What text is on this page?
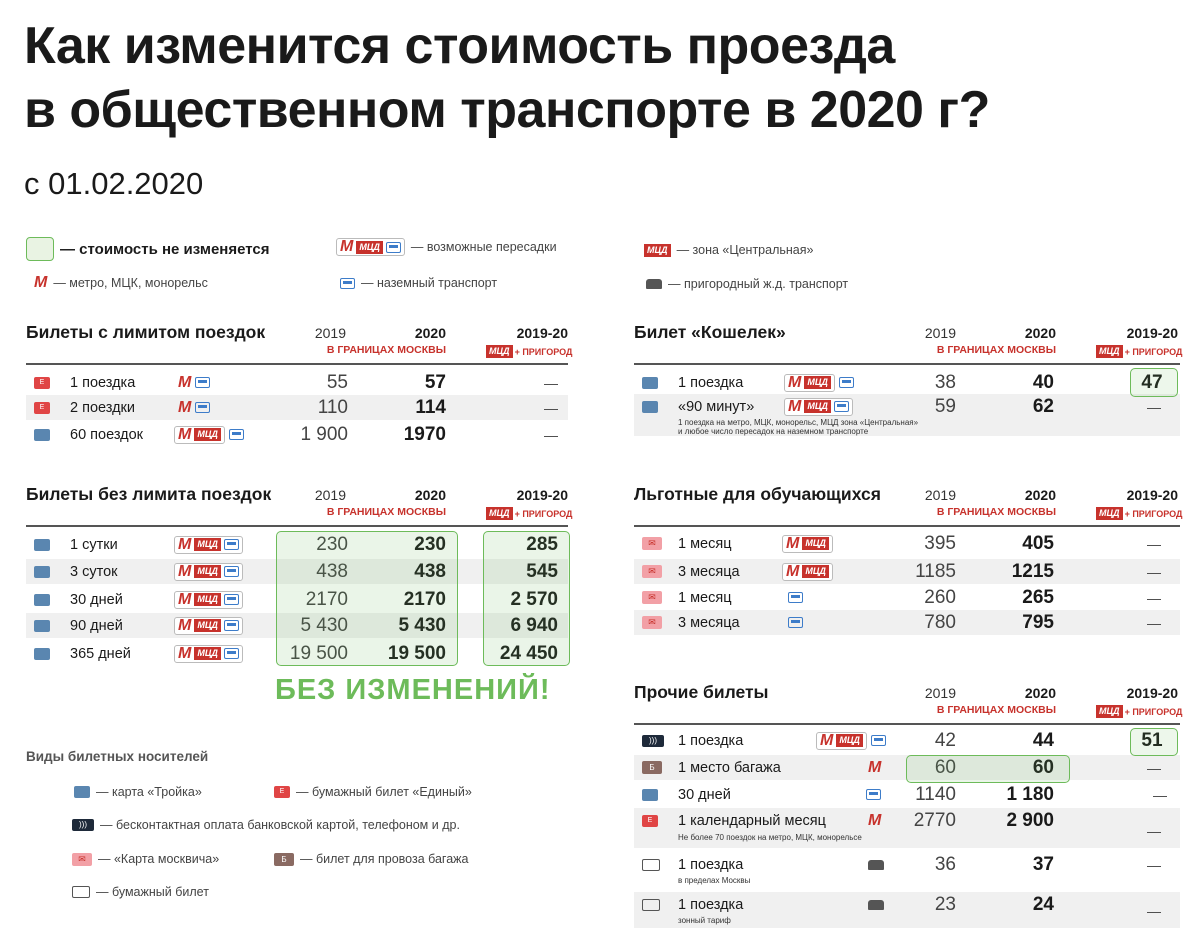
Как изменится стоимость проезда
в общественном транспорте в 2020 г?
с 01.02.2020
— стоимость не изменяется
М — метро, МЦК, монорельс
М МЦД — возможные пересадки
— наземный транспорт
МЦД — зона «Центральная»
— пригородный ж.д. транспорт
Билеты с лимитом поездок	2019	2020	2019-20
В ГРАНИЦАХ МОСКВЫ	МЦД + ПРИГОРОД
Е	1 поездка	М	55	57	—
Е	2 поездки	М	110	114	—
60 поездок М МЦД	1 900	1970	—
Билеты без лимита поездок	2019	2020	2019-20
В ГРАНИЦАХ МОСКВЫ	МЦД + ПРИГОРОД
1 сутки	М МЦД	230	230	285
3 суток	М МЦД	438	438	545
30 дней	М МЦД	2170	2170	2 570
90 дней	М МЦД	5 430	5 430	6 940
365 дней	М МЦД	19 500	19 500	24 450
БЕЗ ИЗМЕНЕНИЙ!
Билет «Кошелек»	2019	2020	2019-20
В ГРАНИЦАХ МОСКВЫ	МЦД + ПРИГОРОД
1 поездка	М МЦД	38	40	47
«90 минут» М МЦД	59	62	—
1 поездка на метро, МЦК, монорельс, МЦД зона «Центральная»
и любое число пересадок на наземном транспорте
Льготные для обучающихся	2019	2020	2019-20
В ГРАНИЦАХ МОСКВЫ	МЦД + ПРИГОРОД
✉	1 месяц	М МЦД	395	405	—
✉	3 месяца	М МЦД	1185	1215	—
✉	1 месяц	260	265	—
✉	3 месяца	780	795	—
Прочие билеты	2019	2020	2019-20
В ГРАНИЦАХ МОСКВЫ	МЦД + ПРИГОРОД
)))	1 поездка	М МЦД	42	44	51
Б	1 место багажа	М	60	60	—
30 дней	1140	1 180	—
Е	1 календарный месяц	М	2770	2 900	—
Не более 70 поездок на метро, МЦК, монорельсе
1 поездка	36	37	—
в пределах Москвы
1 поездка	23	24	—
зонный тариф
Виды билетных носителей
— карта «Тройка»	Е — бумажный билет «Единый»
)))	— бесконтактная оплата банковской картой, телефоном и др.
✉ — «Карта москвича»	Б	— билет для провоза багажа
— бумажный билет
